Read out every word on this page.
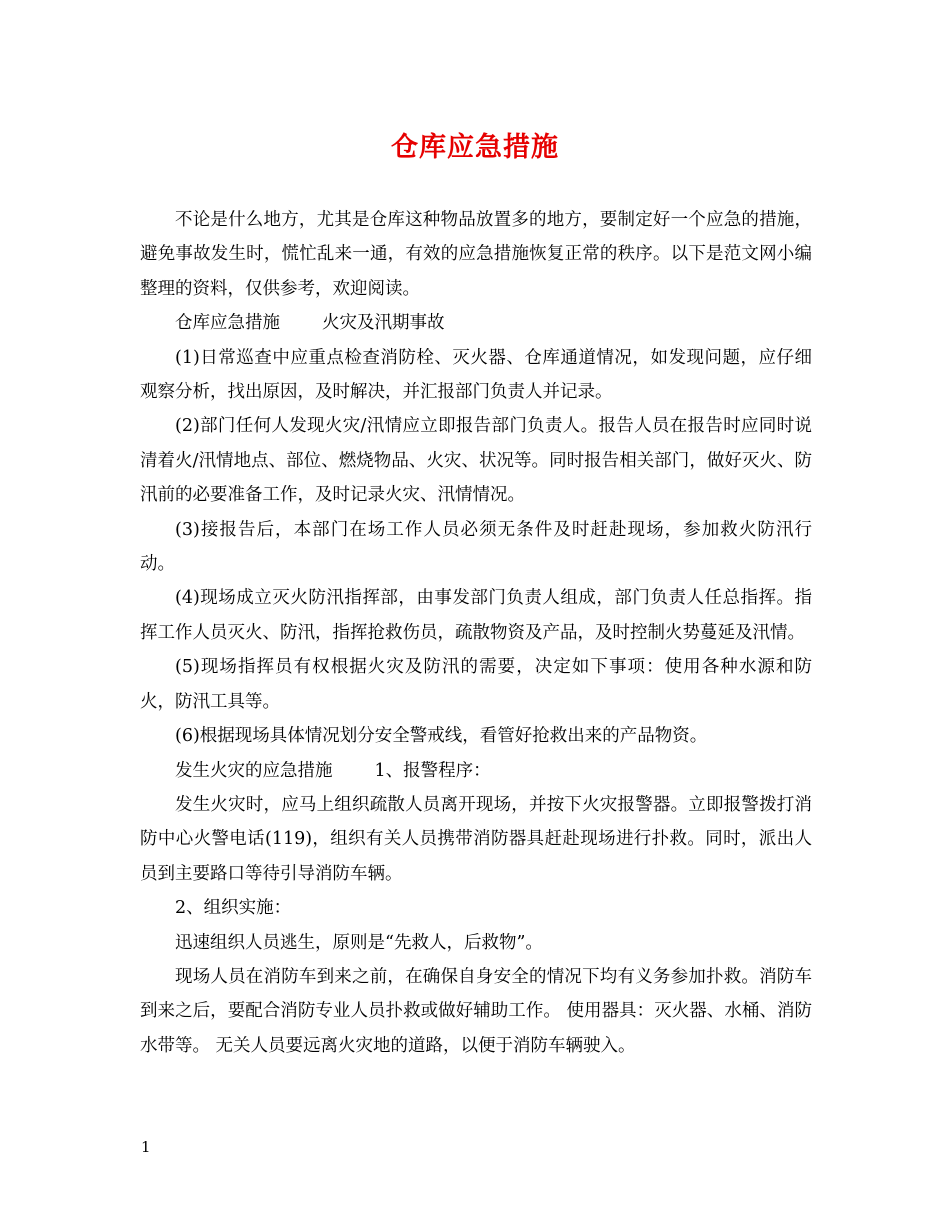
仓库应急措施

不论是什么地方，尤其是仓库这种物品放置多的地方，要制定好一个应急的措施，避免事故发生时，慌忙乱来一通，有效的应急措施恢复正常的秩序。以下是范文网小编整理的资料，仅供参考，欢迎阅读。

仓库应急措施 火灾及汛期事故

(1)日常巡查中应重点检查消防栓、灭火器、仓库通道情况，如发现问题，应仔细观察分析，找出原因，及时解决，并汇报部门负责人并记录。

(2)部门任何人发现火灾/汛情应立即报告部门负责人。报告人员在报告时应同时说清着火/汛情地点、部位、燃烧物品、火灾、状况等。同时报告相关部门，做好灭火、防汛前的必要准备工作，及时记录火灾、汛情情况。

(3)接报告后，本部门在场工作人员必须无条件及时赶赴现场，参加救火防汛行动。

(4)现场成立灭火防汛指挥部，由事发部门负责人组成，部门负责人任总指挥。指挥工作人员灭火、防汛，指挥抢救伤员，疏散物资及产品，及时控制火势蔓延及汛情。

(5)现场指挥员有权根据火灾及防汛的需要，决定如下事项：使用各种水源和防火，防汛工具等。

(6)根据现场具体情况划分安全警戒线，看管好抢救出来的产品物资。

发生火灾的应急措施 1、报警程序：

发生火灾时，应马上组织疏散人员离开现场，并按下火灾报警器。立即报警拨打消防中心火警电话(119)，组织有关人员携带消防器具赶赴现场进行扑救。同时，派出人员到主要路口等待引导消防车辆。

2、组织实施：

迅速组织人员逃生，原则是“先救人，后救物”。

现场人员在消防车到来之前，在确保自身安全的情况下均有义务参加扑救。消防车到来之后，要配合消防专业人员扑救或做好辅助工作。 使用器具：灭火器、水桶、消防水带等。 无关人员要远离火灾地的道路，以便于消防车辆驶入。

1
